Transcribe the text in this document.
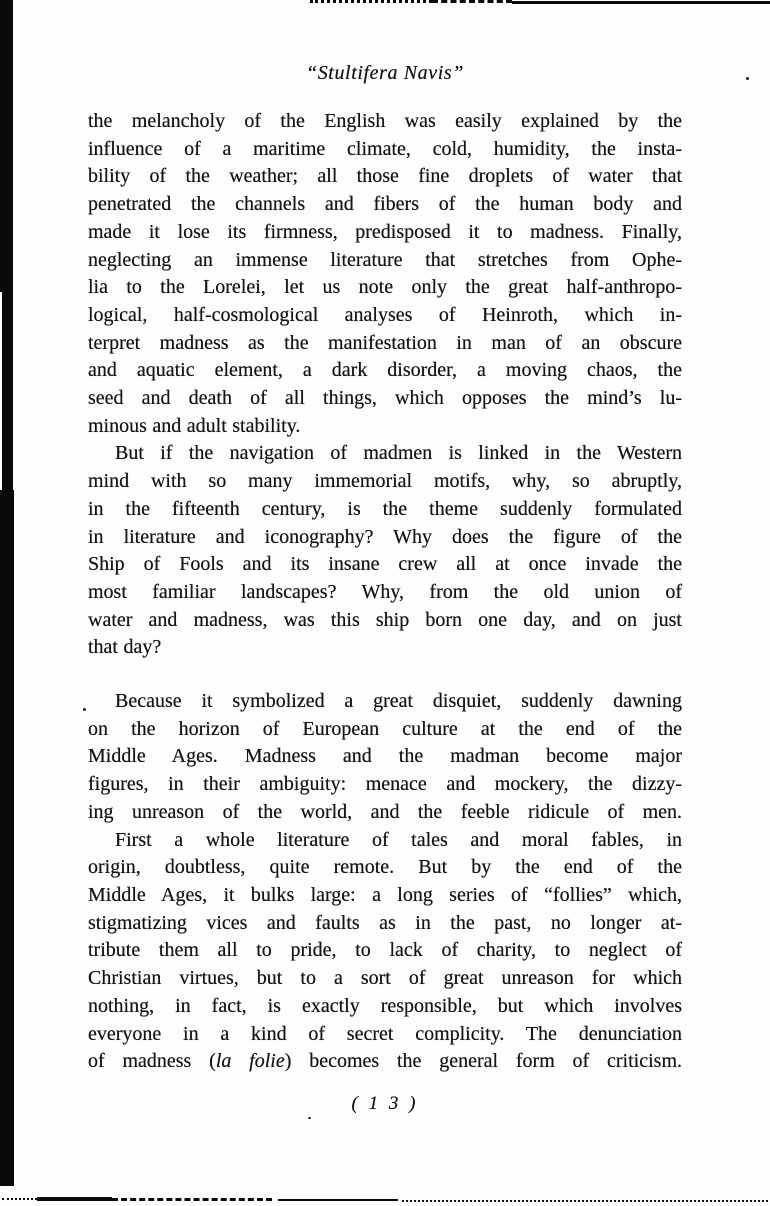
“Stultifera Navis”
the melancholy of the English was easily explained by the
influence of a maritime climate, cold, humidity, the insta-
bility of the weather; all those fine droplets of water that
penetrated the channels and fibers of the human body and
made it lose its firmness, predisposed it to madness. Finally,
neglecting an immense literature that stretches from Ophe-
lia to the Lorelei, let us note only the great half-anthropo-
logical, half-cosmological analyses of Heinroth, which in-
terpret madness as the manifestation in man of an obscure
and aquatic element, a dark disorder, a moving chaos, the
seed and death of all things, which opposes the mind’s lu-
minous and adult stability.
But if the navigation of madmen is linked in the Western
mind with so many immemorial motifs, why, so abruptly,
in the fifteenth century, is the theme suddenly formulated
in literature and iconography? Why does the figure of the
Ship of Fools and its insane crew all at once invade the
most familiar landscapes? Why, from the old union of
water and madness, was this ship born one day, and on just
that day?
Because it symbolized a great disquiet, suddenly dawning
on the horizon of European culture at the end of the
Middle Ages. Madness and the madman become major
figures, in their ambiguity: menace and mockery, the dizzy-
ing unreason of the world, and the feeble ridicule of men.
First a whole literature of tales and moral fables, in
origin, doubtless, quite remote. But by the end of the
Middle Ages, it bulks large: a long series of “follies” which,
stigmatizing vices and faults as in the past, no longer at-
tribute them all to pride, to lack of charity, to neglect of
Christian virtues, but to a sort of great unreason for which
nothing, in fact, is exactly responsible, but which involves
everyone in a kind of secret complicity. The denunciation
of madness (la folie) becomes the general form of criticism.
( 1 3 )
